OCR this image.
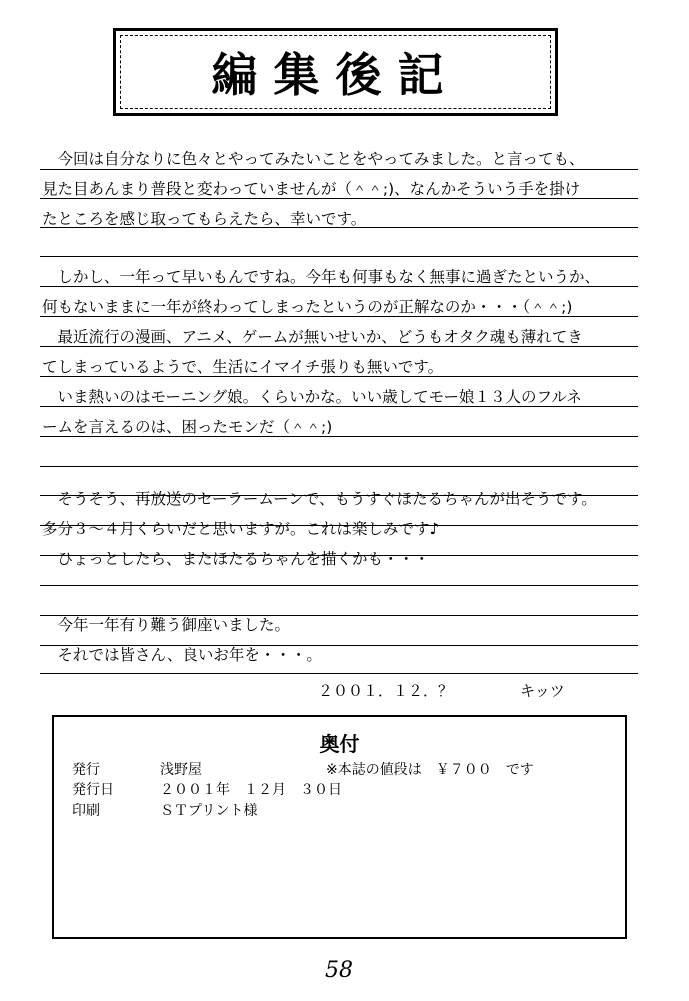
編集後記
　今回は自分なりに色々とやってみたいことをやってみました。と言っても、
見た目あんまり普段と変わっていませんが（＾＾;)、なんかそういう手を掛け
たところを感じ取ってもらえたら、幸いです。
　しかし、一年って早いもんですね。今年も何事もなく無事に過ぎたというか、
何もないままに一年が終わってしまったというのが正解なのか・・・（＾＾;)
　最近流行の漫画、アニメ、ゲームが無いせいか、どうもオタク魂も薄れてき
てしまっているようで、生活にイマイチ張りも無いです。
　いま熱いのはモーニング娘。くらいかな。いい歳してモー娘１３人のフルネ
ームを言えるのは、困ったモンだ（＾＾;)
　そうそう、再放送のセーラームーンで、もうすぐほたるちゃんが出そうです。
多分３～４月くらいだと思いますが。これは楽しみです♪
　ひょっとしたら、またほたるちゃんを描くかも・・・
　今年一年有り難う御座いました。
　それでは皆さん、良いお年を・・・。
２００１．１２．？	キッツ
奥付
発行	浅野屋	※本誌の値段は　￥７００　です
発行日	２００１年　１２月　３０日
印刷	ＳＴプリント様
58
